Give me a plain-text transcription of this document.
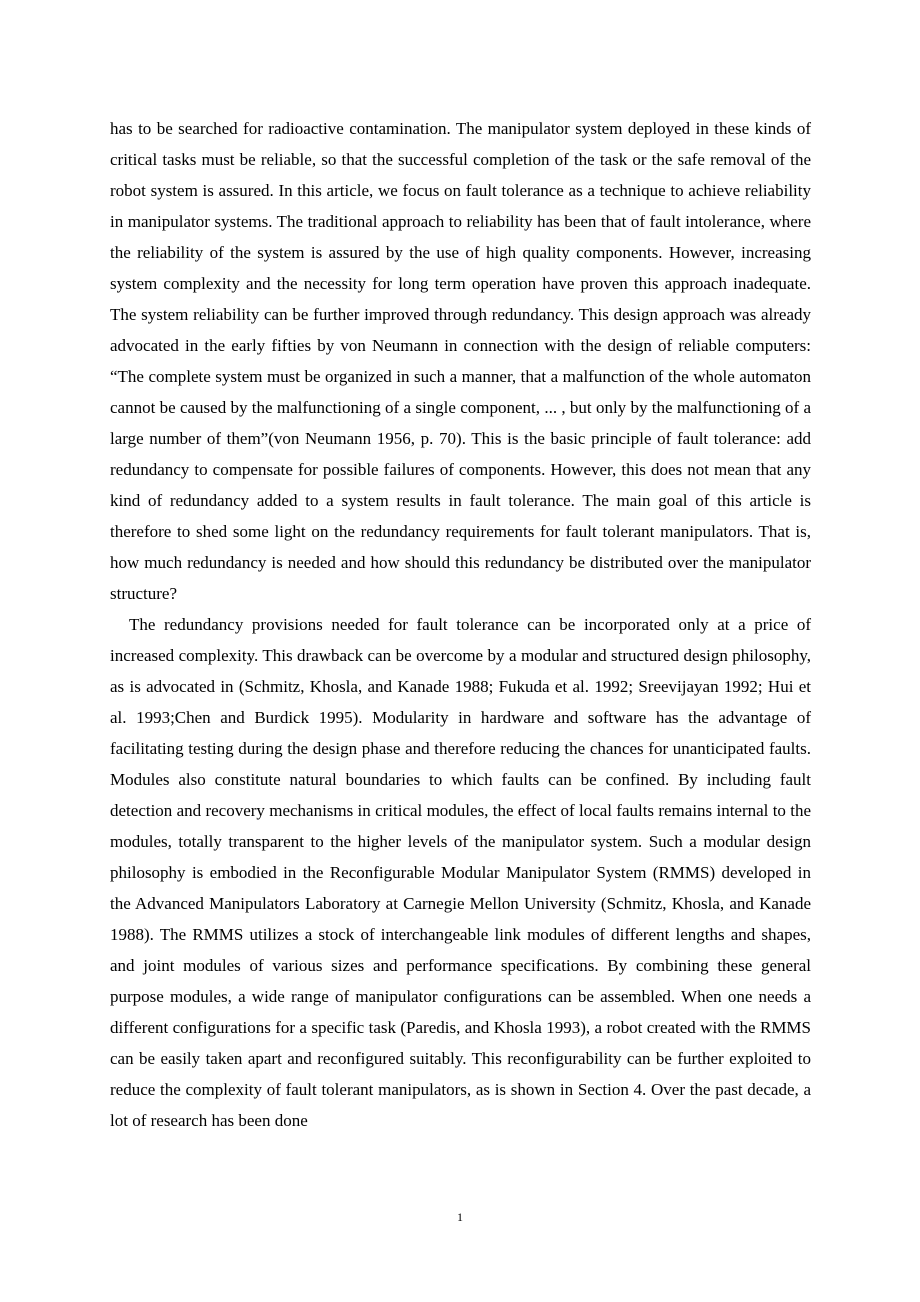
has to be searched for radioactive contamination. The manipulator system deployed in these kinds of critical tasks must be reliable, so that the successful completion of the task or the safe removal of the robot system is assured. In this article, we focus on fault tolerance as a technique to achieve reliability in manipulator systems. The traditional approach to reliability has been that of fault intolerance, where the reliability of the system is assured by the use of high quality components. However, increasing system complexity and the necessity for long term operation have proven this approach inadequate. The system reliability can be further improved through redundancy. This design approach was already advocated in the early fifties by von Neumann in connection with the design of reliable computers: “The complete system must be organized in such a manner, that a malfunction of the whole automaton cannot be caused by the malfunctioning of a single component, ... , but only by the malfunctioning of a large number of them”(von Neumann 1956, p. 70). This is the basic principle of fault tolerance: add redundancy to compensate for possible failures of components. However, this does not mean that any kind of redundancy added to a system results in fault tolerance. The main goal of this article is therefore to shed some light on the redundancy requirements for fault tolerant manipulators. That is, how much redundancy is needed and how should this redundancy be distributed over the manipulator structure?

The redundancy provisions needed for fault tolerance can be incorporated only at a price of increased complexity. This drawback can be overcome by a modular and structured design philosophy, as is advocated in (Schmitz, Khosla, and Kanade 1988; Fukuda et al. 1992; Sreevijayan 1992; Hui et al. 1993;Chen and Burdick 1995). Modularity in hardware and software has the advantage of facilitating testing during the design phase and therefore reducing the chances for unanticipated faults. Modules also constitute natural boundaries to which faults can be confined. By including fault detection and recovery mechanisms in critical modules, the effect of local faults remains internal to the modules, totally transparent to the higher levels of the manipulator system. Such a modular design philosophy is embodied in the Reconfigurable Modular Manipulator System (RMMS) developed in the Advanced Manipulators Laboratory at Carnegie Mellon University (Schmitz, Khosla, and Kanade 1988). The RMMS utilizes a stock of interchangeable link modules of different lengths and shapes, and joint modules of various sizes and performance specifications. By combining these general purpose modules, a wide range of manipulator configurations can be assembled. When one needs a different configurations for a specific task (Paredis, and Khosla 1993), a robot created with the RMMS can be easily taken apart and reconfigured suitably. This reconfigurability can be further exploited to reduce the complexity of fault tolerant manipulators, as is shown in Section 4. Over the past decade, a lot of research has been done

1
